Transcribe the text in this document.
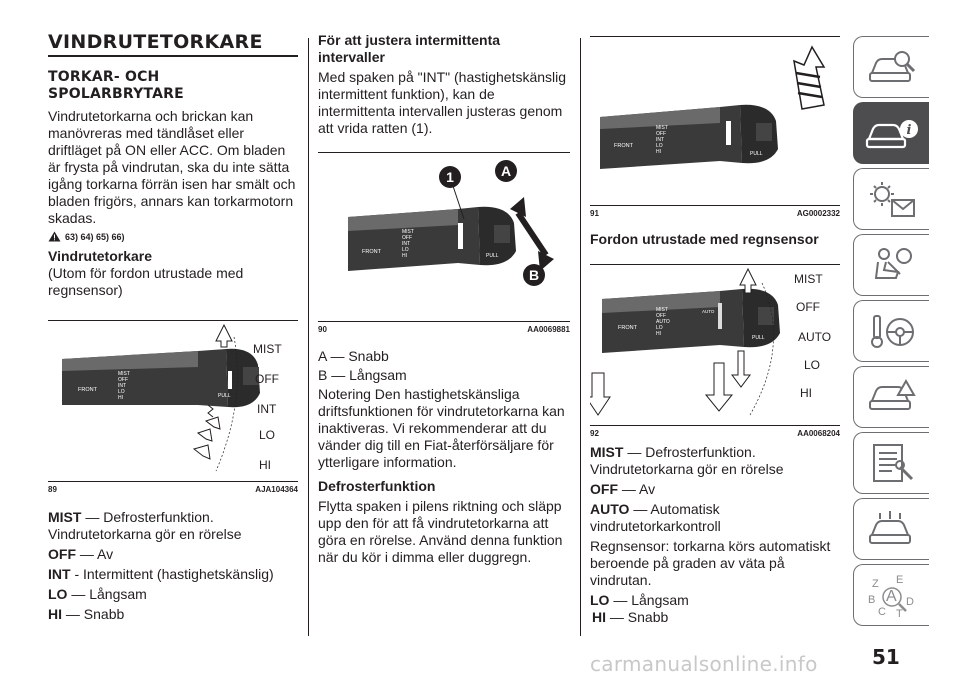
VINDRUTETORKARE
TORKAR- OCH
SPOLARBRYTARE

Vindrutetorkarna och brickan kan manövreras med tändlåset eller driftläget på ON eller ACC. Om bladen är frysta på vindrutan, ska du inte sätta igång torkarna förrän isen har smält och bladen frigörs, annars kan torkarmotorn skadas.

63) 64) 65) 66)
Vindrutetorkare

(Utom för fordon utrustade med regnsensor)

FRONT
MIST
OFF
INT
LO
HI	PULL
MIST
OFF
INT
LO
HI
89	AJA104364

MIST — Defrosterfunktion.

Vindrutetorkarna gör en rörelse

OFF — Av

INT - Intermittent (hastighetskänslig)

LO — Långsam

HI — Snabb

För att justera intermittenta
intervaller

Med spaken på "INT" (hastighetskänslig intermittent funktion), kan de intermittenta intervallen justeras genom att vrida ratten (1).

FRONT
MIST
OFF
INT
LO
HI	PULL
1	A
B
90	AA0069881

A — Snabb

B — Långsam

Notering Den hastighetskänsliga driftsfunktionen för vindrutetorkarna kan inaktiveras. Vi rekommenderar att du vänder dig till en Fiat-återförsäljare för ytterligare information.

Defrosterfunktion

Flytta spaken i pilens riktning och släpp upp den för att få vindrutetorkarna att göra en rörelse. Använd denna funktion när du kör i dimma eller duggregn.

FRONT
MIST
OFF
INT
LO
HI	PULL
91	AG0002332
Fordon utrustade med regnsensor
FRONT
MIST
OFF
AUTO
LO
HI
PULL
AUTO
MIST
OFF
AUTO
LO
HI
92	AA0068204

MIST — Defrosterfunktion.

Vindrutetorkarna gör en rörelse

OFF — Av

AUTO — Automatisk

vindrutetorkarkontroll

Regnsensor: torkarna körs automatiskt beroende på graden av väta på vindrutan.

LO — Långsam

HI — Snabb

i
Z E
B A D
C T
51
carmanualsonline.info
